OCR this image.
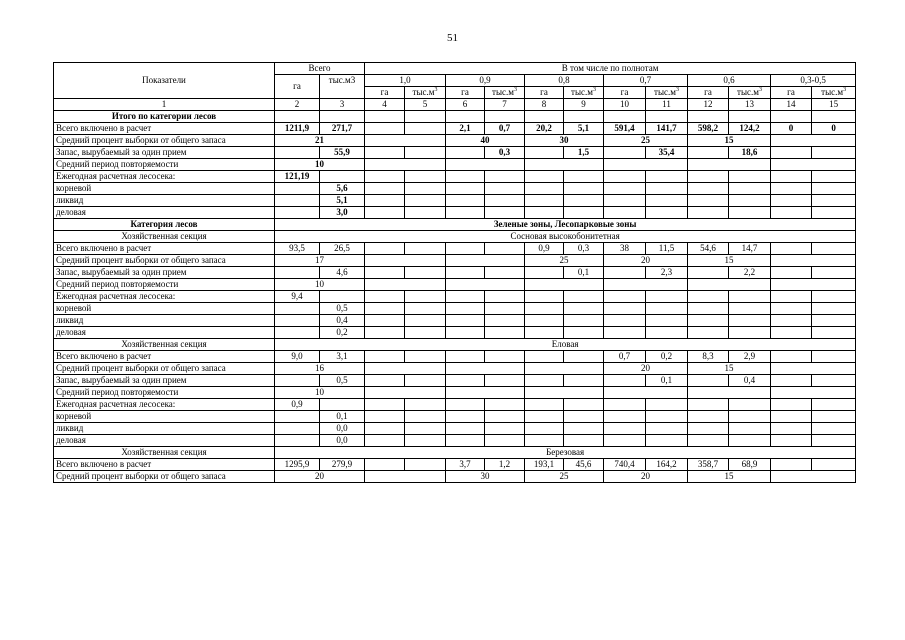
51
Показатели	Всего		В том числе по полнотам											
	га	тыс.м3	1,0		0,9		0,8		0,7		0,6		0,3-0,5	
			га	$тыс.м^3$	га	$тыс.м^3$	га	$тыс.м^3$	га	$тыс.м^3$	га	$тыс.м^3$	га	$тыс.м^3$
1	2	3	4	5	6	7	8	9	10	11	12	13	14	15
Итого по категории лесов														
Всего включено в расчет	1211,9	271,7			2,1	0,7	20,2	5,1	591,4	141,7	598,2	124,2	0	0
Средний процент выборки от общего запаса	21				40		30		25		15			
Запас, вырубаемый за один прием		55,9				0,3		1,5		35,4		18,6		
Средний период повторяемости	10													
Ежегодная расчетная лесосека:	121,19													
корневой		5,6												
ликвид		5,1												
деловая		3,0												
Категория лесов	Зеленые зоны, Лесопарковые зоны													
Хозяйственная секция	Сосновая высокобонитетная													
Всего включено в расчет	93,5	26,5					0,9	0,3	38	11,5	54,6	14,7		
Средний процент выборки от общего запаса	17						25		20		15			
Запас, вырубаемый за один прием		4,6						0,1		2,3		2,2		
Средний период повторяемости	10													
Ежегодная расчетная лесосека:	9,4													
корневой		0,5												
ликвид		0,4												
деловая		0,2												
Хозяйственная секция	Еловая													
Всего включено в расчет	9,0	3,1							0,7	0,2	8,3	2,9		
Средний процент выборки от общего запаса	16								20		15			
Запас, вырубаемый за один прием		0,5								0,1		0,4		
Средний период повторяемости	10													
Ежегодная расчетная лесосека:	0,9													
корневой		0,1												
ликвид		0,0												
деловая		0,0												
Хозяйственная секция	Березовая													
Всего включено в расчет	1295,9	279,9			3,7	1,2	193,1	45,6	740,4	164,2	358,7	68,9		
Средний процент выборки от общего запаса	20				30		25		20		15			
